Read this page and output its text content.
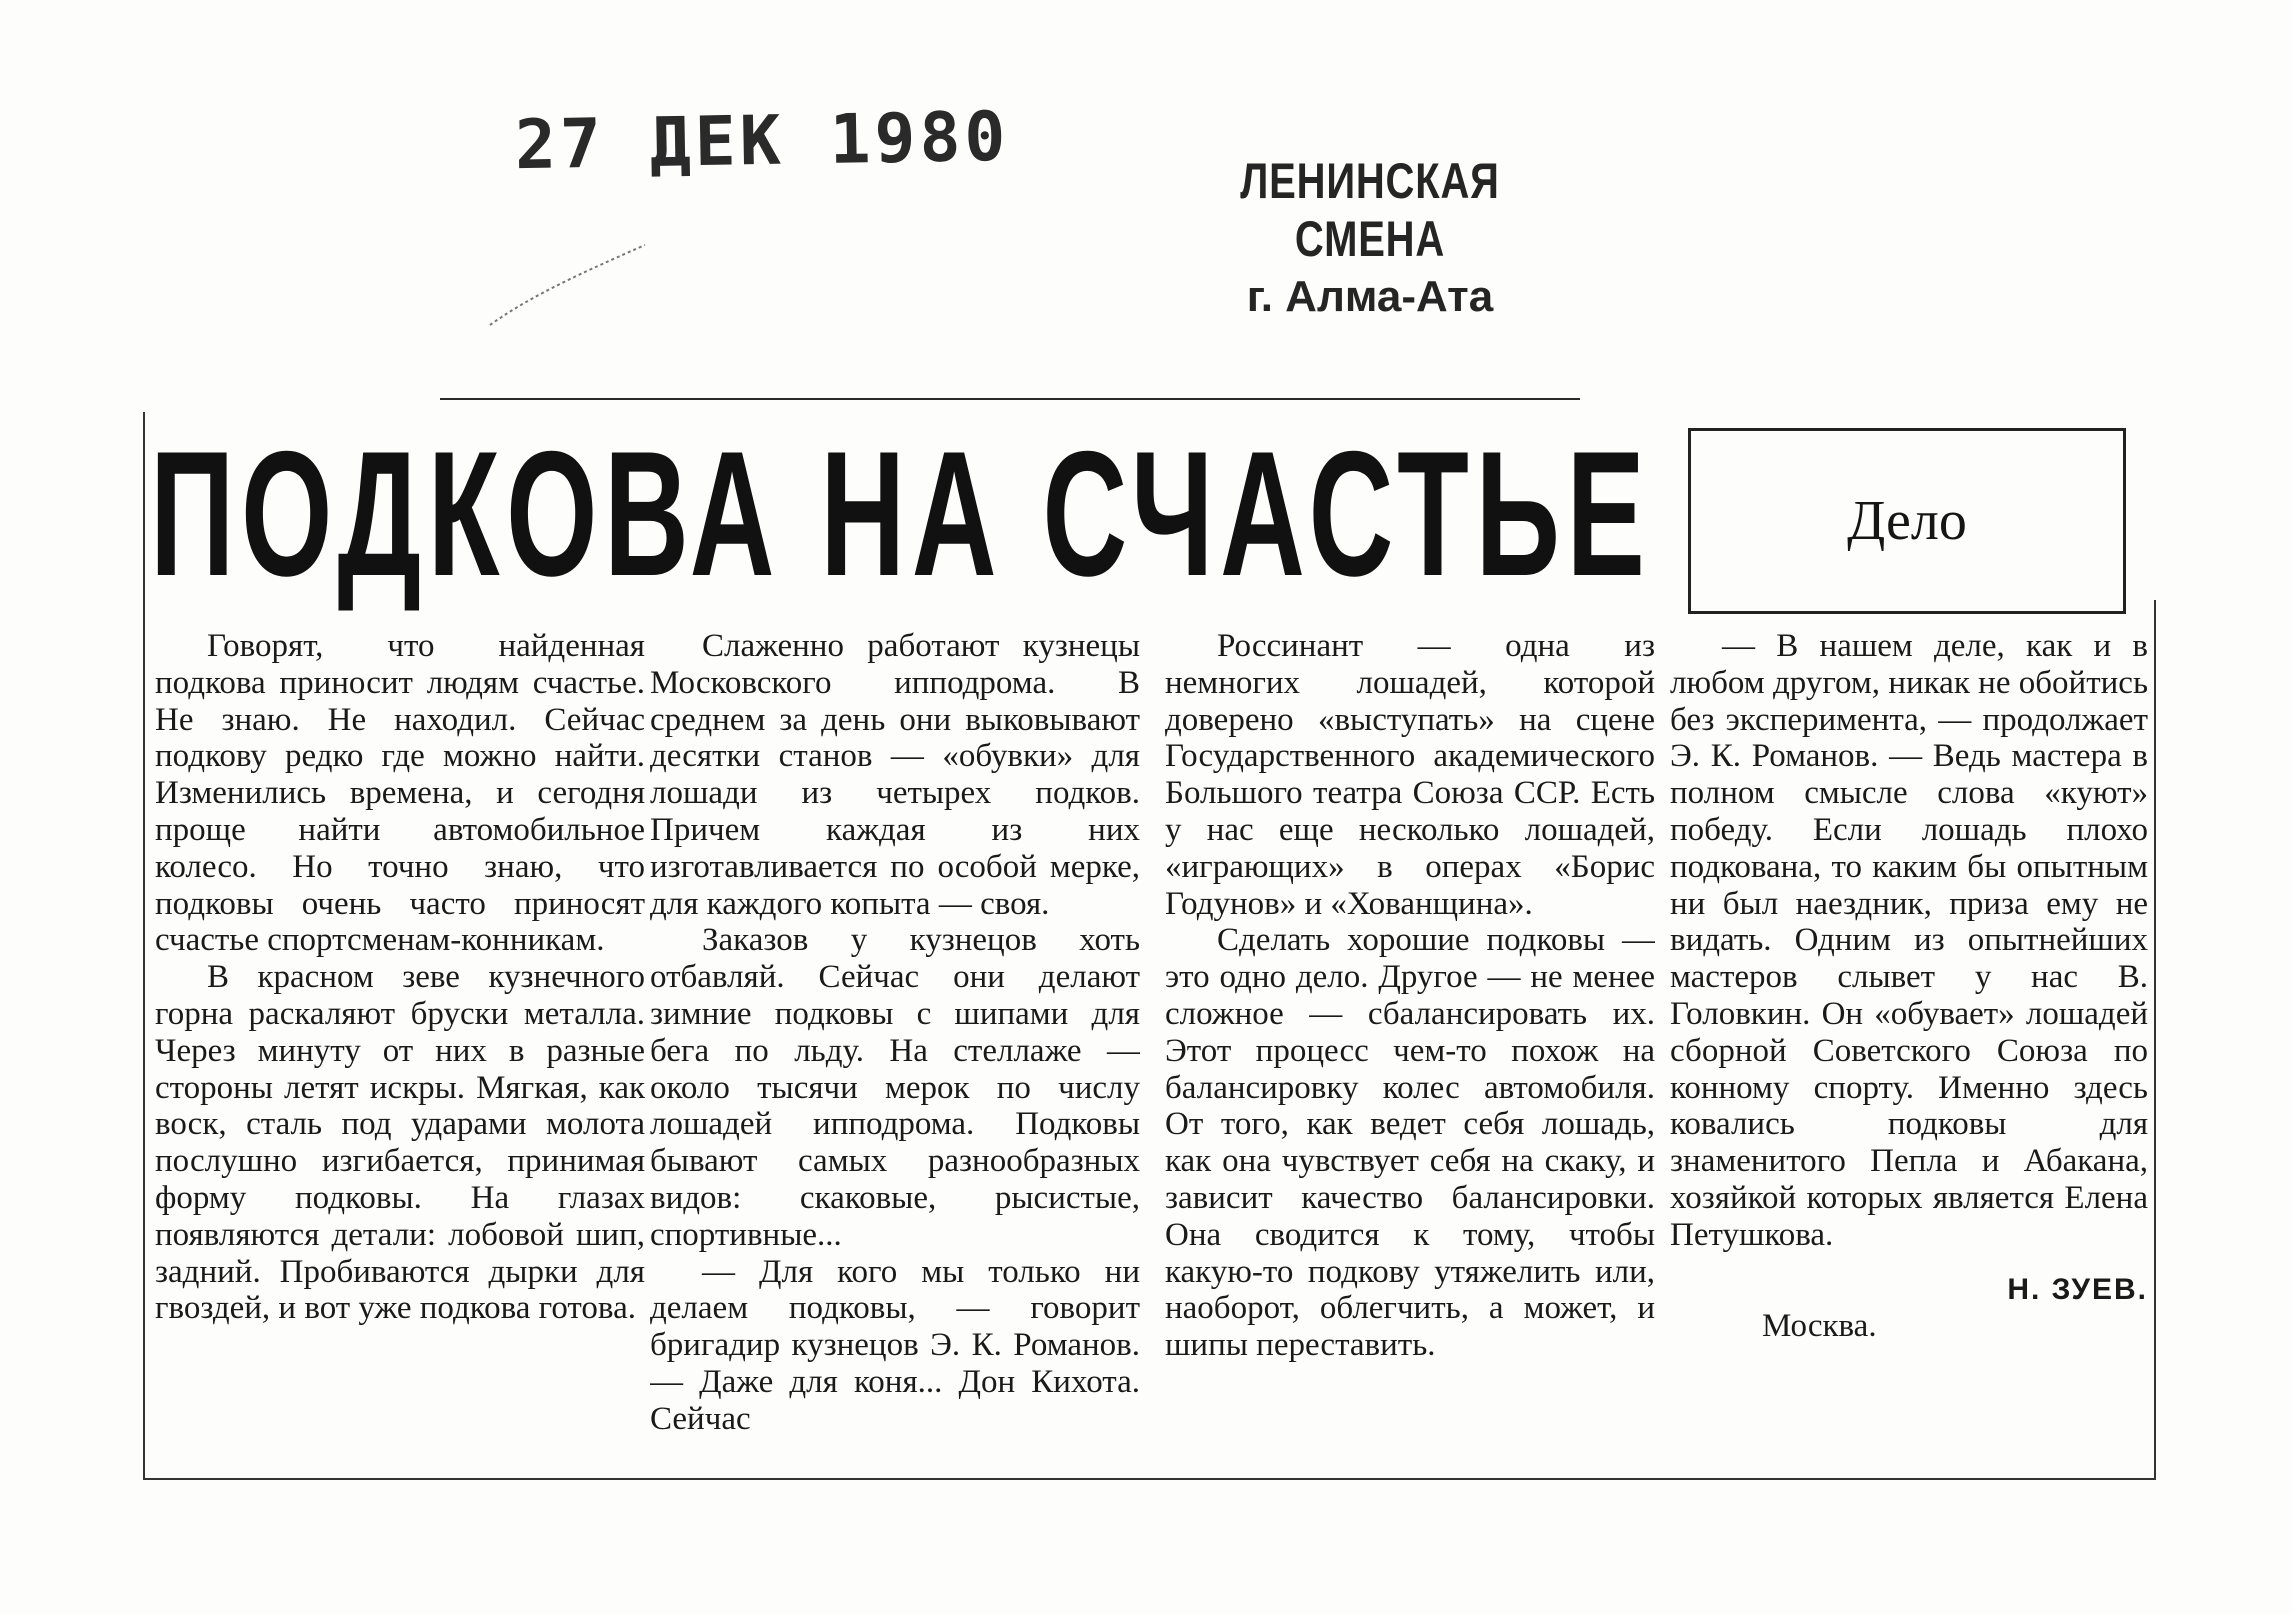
27 ДЕК 1980	ЛЕНИНСКАЯ СМЕНА
г. Алма-Ата
ПОДКОВА НА СЧАСТЬЕ	Дело

Говорят, что найденная подкова приносит людям счастье. Не знаю. Не находил. Сейчас подкову редко где можно найти. Изменились времена, и сегодня проще найти автомобильное колесо. Но точно знаю, что подковы очень часто приносят счастье спортсменам-конникам.

В красном зеве кузнечного горна раскаляют бруски металла. Через минуту от них в разные стороны летят искры. Мягкая, как воск, сталь под ударами молота послушно изгибается, принимая форму подковы. На глазах появляются детали: лобовой шип, задний. Пробиваются дырки для гвоздей, и вот уже подкова готова.

Слаженно работают кузнецы Московского ипподрома. В среднем за день они выковывают десятки станов — «обувки» для лошади из четырех подков. Причем каждая из них изготавливается по особой мерке, для каждого копыта — своя.

Заказов у кузнецов хоть отбавляй. Сейчас они делают зимние подковы с шипами для бега по льду. На стеллаже — около тысячи мерок по числу лошадей ипподрома. Подковы бывают самых разнообразных видов: скаковые, рысистые, спортивные...

— Для кого мы только ни делаем подковы, — говорит бригадир кузнецов Э. К. Романов. — Даже для коня... Дон Кихота. Сейчас

Россинант — одна из немногих лошадей, которой доверено «выступать» на сцене Государственного академического Большого театра Союза ССР. Есть у нас еще несколько лошадей, «играющих» в операх «Борис Годунов» и «Хованщина».

Сделать хорошие подковы — это одно дело. Другое — не менее сложное — сбалансировать их. Этот процесс чем-то похож на балансировку колес автомобиля. От того, как ведет себя лошадь, как она чувствует себя на скаку, и зависит качество балансировки. Она сводится к тому, чтобы какую-то подкову утяжелить или, наоборот, облегчить, а может, и шипы переставить.

— В нашем деле, как и в любом другом, никак не обойтись без эксперимента, — продолжает Э. К. Романов. — Ведь мастера в полном смысле слова «куют» победу. Если лошадь плохо подкована, то каким бы опытным ни был наездник, приза ему не видать. Одним из опытнейших мастеров слывет у нас В. Головкин. Он «обувает» лошадей сборной Советского Союза по конному спорту. Именно здесь ковались подковы для знаменитого Пепла и Абакана, хозяйкой которых является Елена Петушкова.

Н. ЗУЕВ.

Москва.
